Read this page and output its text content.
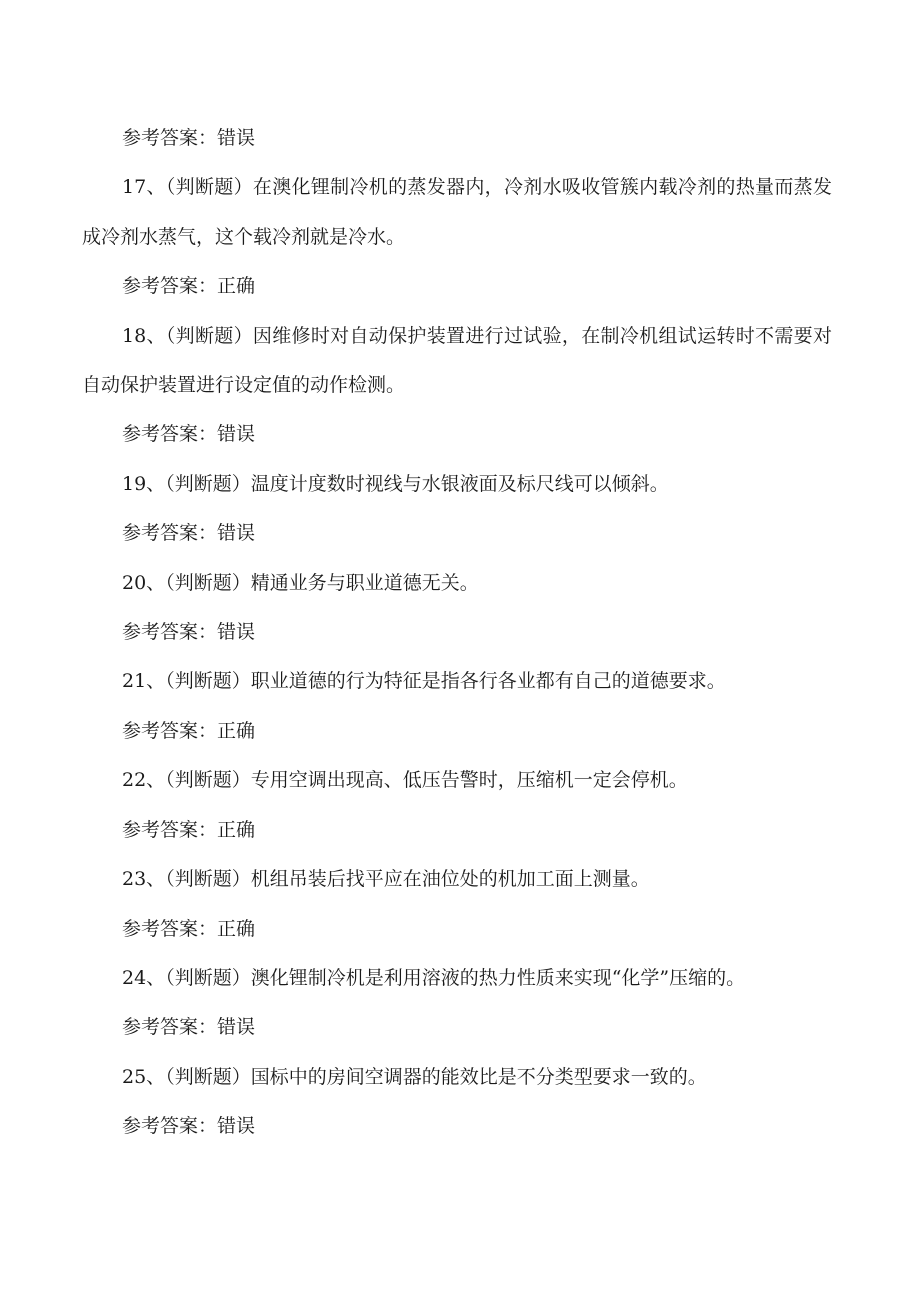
参考答案：错误

17、（判断题）在澳化锂制冷机的蒸发器内，冷剂水吸收管簇内载冷剂的热量而蒸发成冷剂水蒸气，这个载冷剂就是冷水。

参考答案：正确

18、（判断题）因维修时对自动保护装置进行过试验，在制冷机组试运转时不需要对自动保护装置进行设定值的动作检测。

参考答案：错误

19、（判断题）温度计度数时视线与水银液面及标尺线可以倾斜。

参考答案：错误

20、（判断题）精通业务与职业道德无关。

参考答案：错误

21、（判断题）职业道德的行为特征是指各行各业都有自己的道德要求。

参考答案：正确

22、（判断题）专用空调出现高、低压告警时，压缩机一定会停机。

参考答案：正确

23、（判断题）机组吊装后找平应在油位处的机加工面上测量。

参考答案：正确

24、（判断题）澳化锂制冷机是利用溶液的热力性质来实现“化学”压缩的。

参考答案：错误

25、（判断题）国标中的房间空调器的能效比是不分类型要求一致的。

参考答案：错误
